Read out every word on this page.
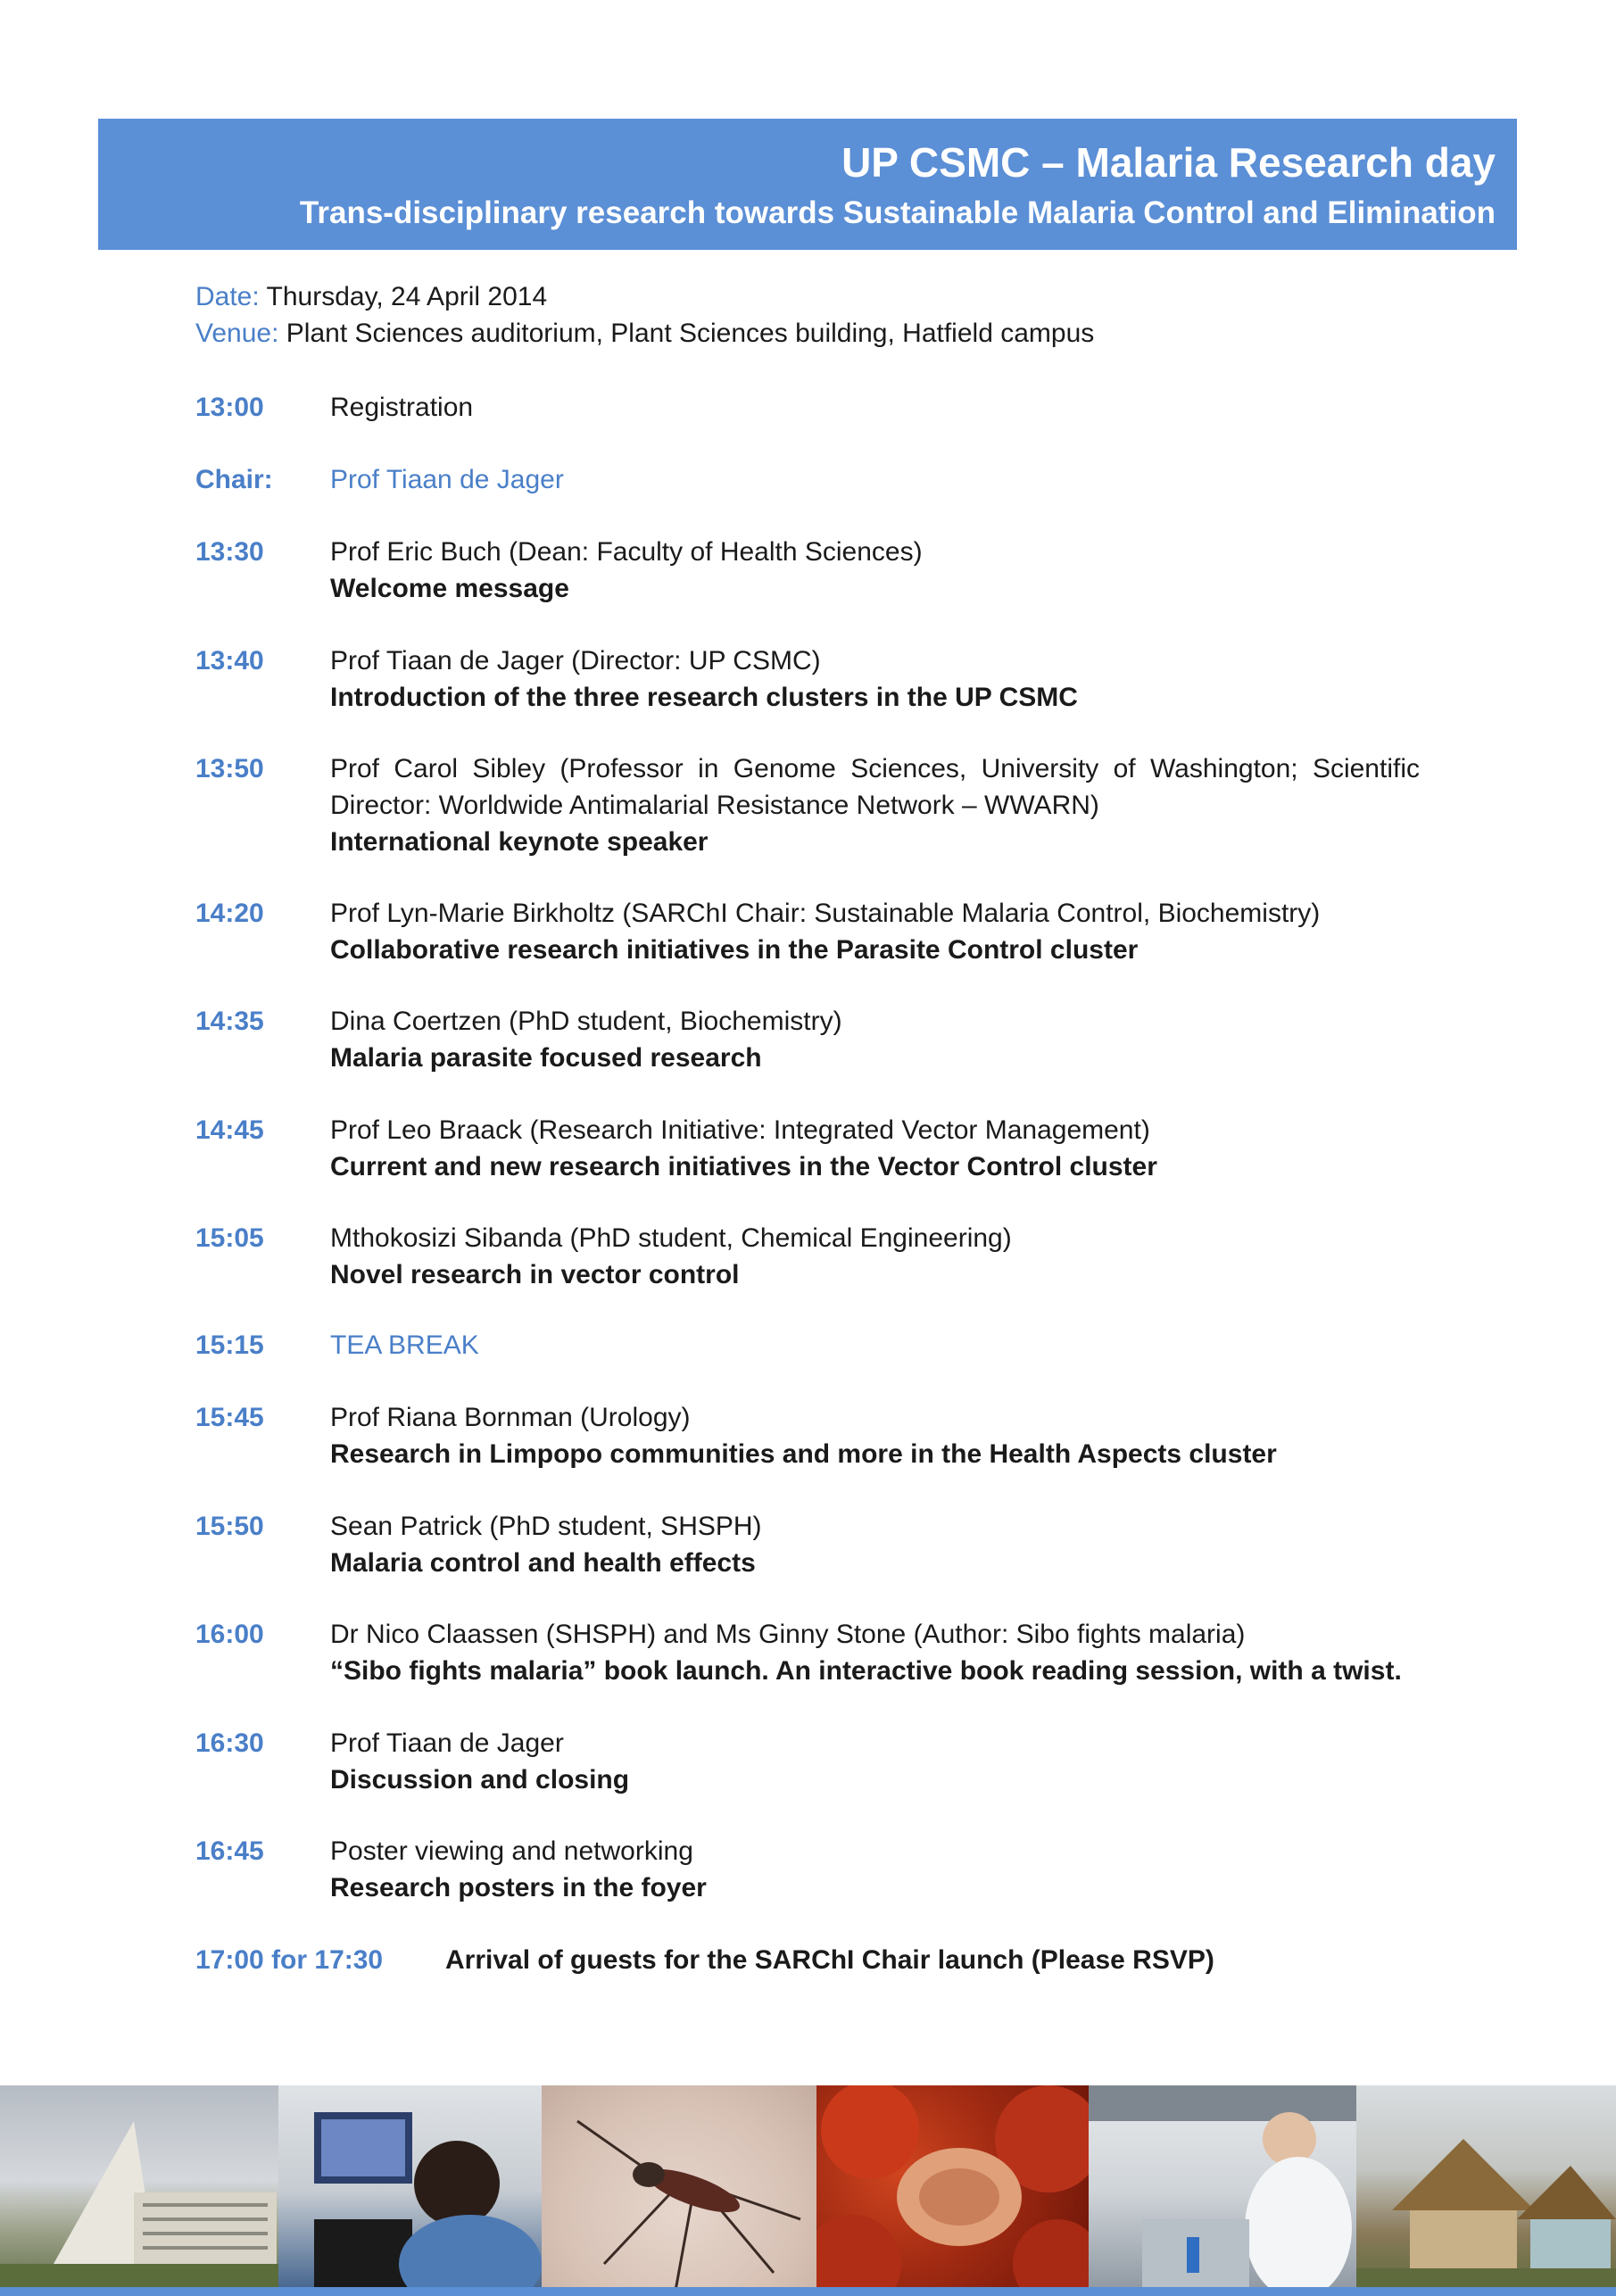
UP CSMC – Malaria Research day
Trans-disciplinary research towards Sustainable Malaria Control and Elimination
Date: Thursday, 24 April 2014
Venue: Plant Sciences auditorium, Plant Sciences building, Hatfield campus
13:00 Registration
Chair: Prof Tiaan de Jager
13:30 Prof Eric Buch (Dean: Faculty of Health Sciences)
Welcome message
13:40 Prof Tiaan de Jager (Director: UP CSMC)
Introduction of the three research clusters in the UP CSMC
13:50 Prof Carol Sibley (Professor in Genome Sciences, University of Washington; Scientific Director: Worldwide Antimalarial Resistance Network – WWARN)
International keynote speaker
14:20 Prof Lyn-Marie Birkholtz (SARChI Chair: Sustainable Malaria Control, Biochemistry)
Collaborative research initiatives in the Parasite Control cluster
14:35 Dina Coertzen (PhD student, Biochemistry)
Malaria parasite focused research
14:45 Prof Leo Braack (Research Initiative: Integrated Vector Management)
Current and new research initiatives in the Vector Control cluster
15:05 Mthokosizi Sibanda (PhD student, Chemical Engineering)
Novel research in vector control
15:15 TEA BREAK
15:45 Prof Riana Bornman (Urology)
Research in Limpopo communities and more in the Health Aspects cluster
15:50 Sean Patrick (PhD student, SHSPH)
Malaria control and health effects
16:00 Dr Nico Claassen (SHSPH) and Ms Ginny Stone (Author: Sibo fights malaria)
“Sibo fights malaria” book launch. An interactive book reading session, with a twist.
16:30 Prof Tiaan de Jager
Discussion and closing
16:45 Poster viewing and networking
Research posters in the foyer
17:00 for 17:30 Arrival of guests for the SARChI Chair launch (Please RSVP)
